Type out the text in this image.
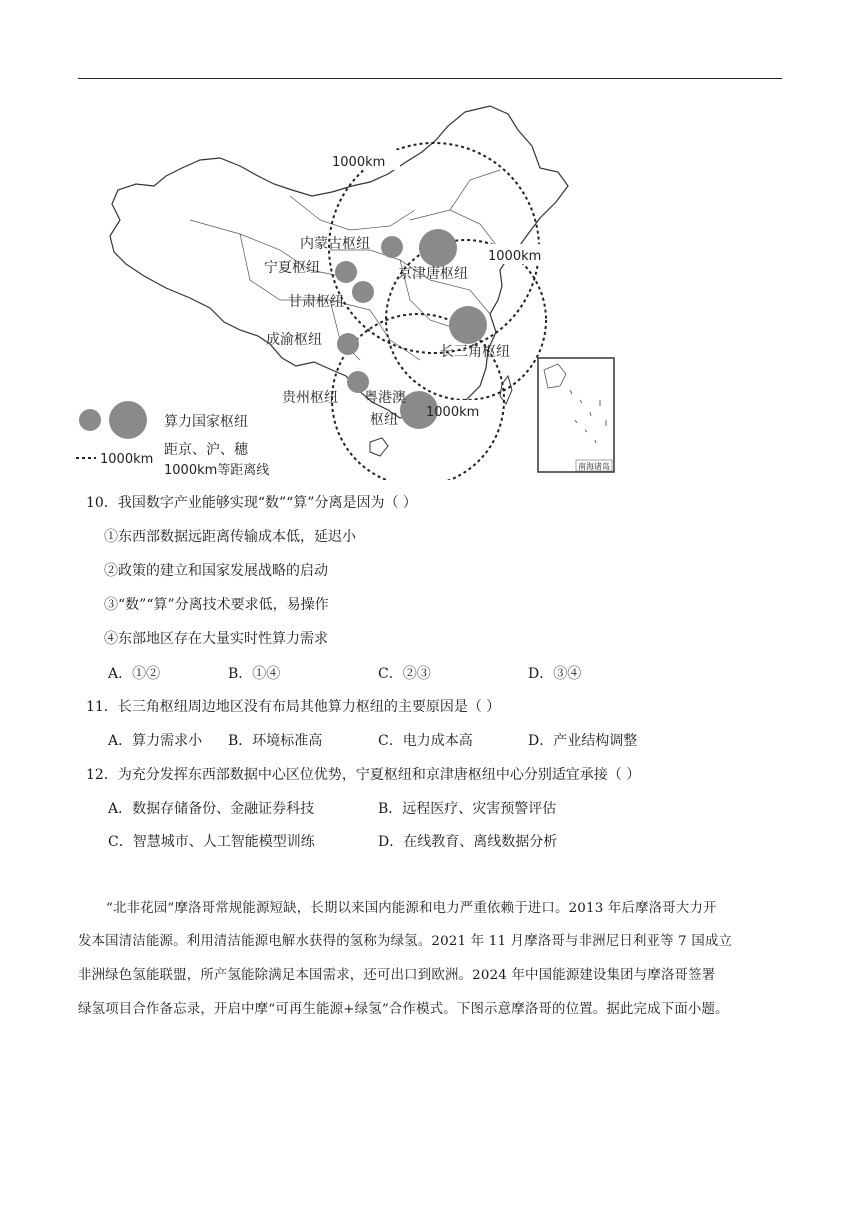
1000km
1000km
1000km
内蒙古枢纽
京津唐枢纽
宁夏枢纽
甘肃枢纽
成渝枢纽
长三角枢纽
贵州枢纽 粤港澳
枢纽
算力国家枢纽
1000km
距京、沪、穗
1000km等距离线	南海诸岛
10．我国数字产业能够实现“数”“算”分离是因为（ ）
①东西部数据远距离传输成本低，延迟小
②政策的建立和国家发展战略的启动
③“数”“算”分离技术要求低，易操作
④东部地区存在大量实时性算力需求
A．①②	B．①④	C．②③	D．③④
11．长三角枢纽周边地区没有布局其他算力枢纽的主要原因是（ ）
A．算力需求小 B．环境标准高	C．电力成本高	D．产业结构调整
12．为充分发挥东西部数据中心区位优势，宁夏枢纽和京津唐枢纽中心分别适宜承接（ ）
A．数据存储备份、金融证券科技	B．远程医疗、灾害预警评估
C．智慧城市、人工智能模型训练	D．在线教育、离线数据分析
“北非花园”摩洛哥常规能源短缺，长期以来国内能源和电力严重依赖于进口。2013 年后摩洛哥大力开
发本国清洁能源。利用清洁能源电解水获得的氢称为绿氢。2021 年 11 月摩洛哥与非洲尼日利亚等 7 国成立
非洲绿色氢能联盟，所产氢能除满足本国需求，还可出口到欧洲。2024 年中国能源建设集团与摩洛哥签署
绿氢项目合作备忘录，开启中摩“可再生能源+绿氢”合作模式。下图示意摩洛哥的位置。据此完成下面小题。
